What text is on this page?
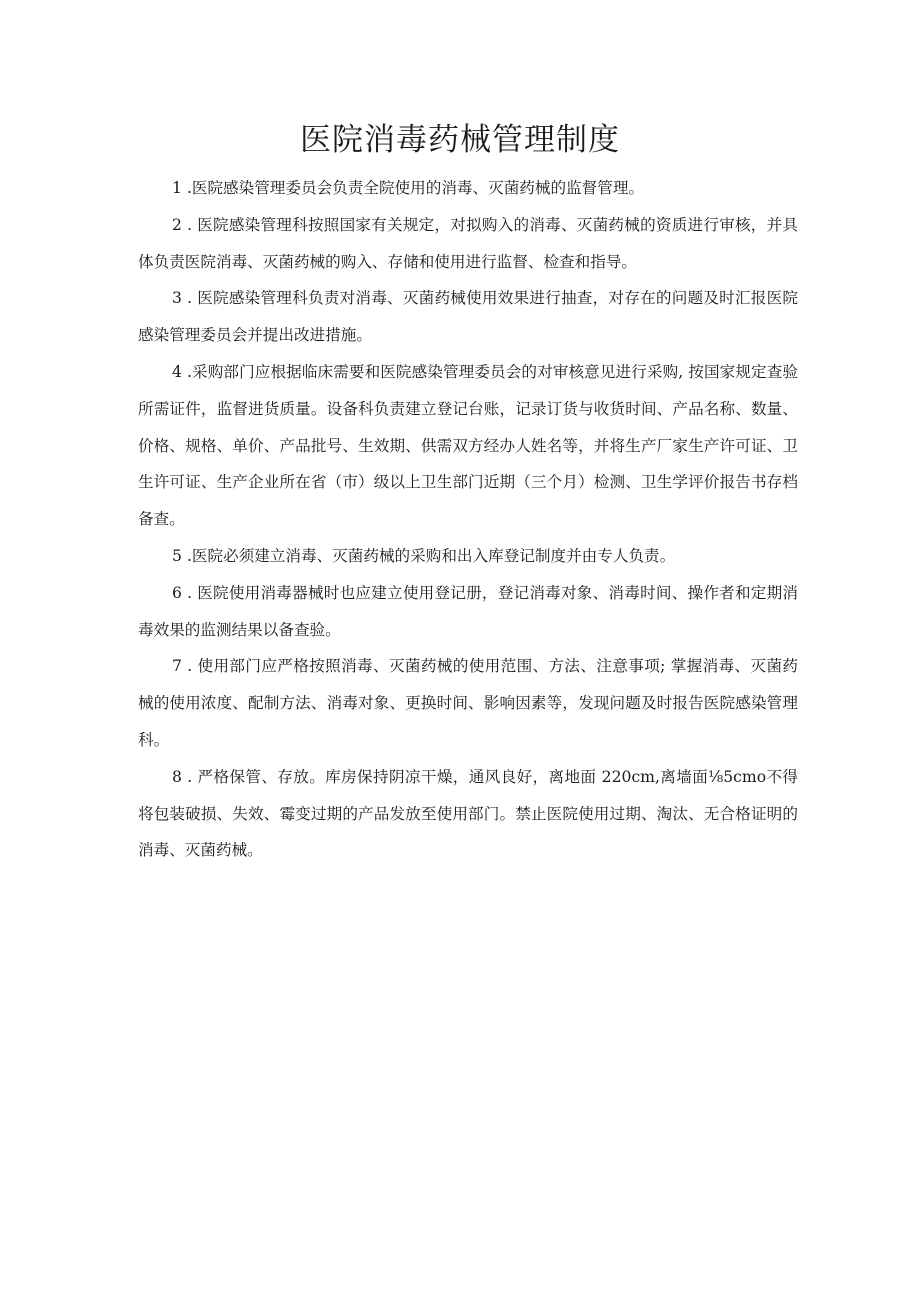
医院消毒药械管理制度

1 .医院感染管理委员会负责全院使用的消毒、灭菌药械的监督管理。

2 . 医院感染管理科按照国家有关规定，对拟购入的消毒、灭菌药械的资质进行审核，并具体负责医院消毒、灭菌药械的购入、存储和使用进行监督、检查和指导。

3 . 医院感染管理科负责对消毒、灭菌药械使用效果进行抽查，对存在的问题及时汇报医院感染管理委员会并提出改进措施。

4 .采购部门应根据临床需要和医院感染管理委员会的对审核意见进行采购, 按国家规定查验所需证件，监督进货质量。设备科负责建立登记台账，记录订货与收货时间、产品名称、数量、价格、规格、单价、产品批号、生效期、供需双方经办人姓名等，并将生产厂家生产许可证、卫生许可证、生产企业所在省（市）级以上卫生部门近期（三个月）检测、卫生学评价报告书存档备查。

5 .医院必须建立消毒、灭菌药械的采购和出入库登记制度并由专人负责。

6 . 医院使用消毒器械时也应建立使用登记册，登记消毒对象、消毒时间、操作者和定期消毒效果的监测结果以备查验。

7 . 使用部门应严格按照消毒、灭菌药械的使用范围、方法、注意事项; 掌握消毒、灭菌药械的使用浓度、配制方法、消毒对象、更换时间、影响因素等，发现问题及时报告医院感染管理科。

8 . 严格保管、存放。库房保持阴凉干燥，通风良好，离地面 220cm,离墙面⅛5cmo不得将包装破损、失效、霉变过期的产品发放至使用部门。禁止医院使用过期、淘汰、无合格证明的消毒、灭菌药械。
